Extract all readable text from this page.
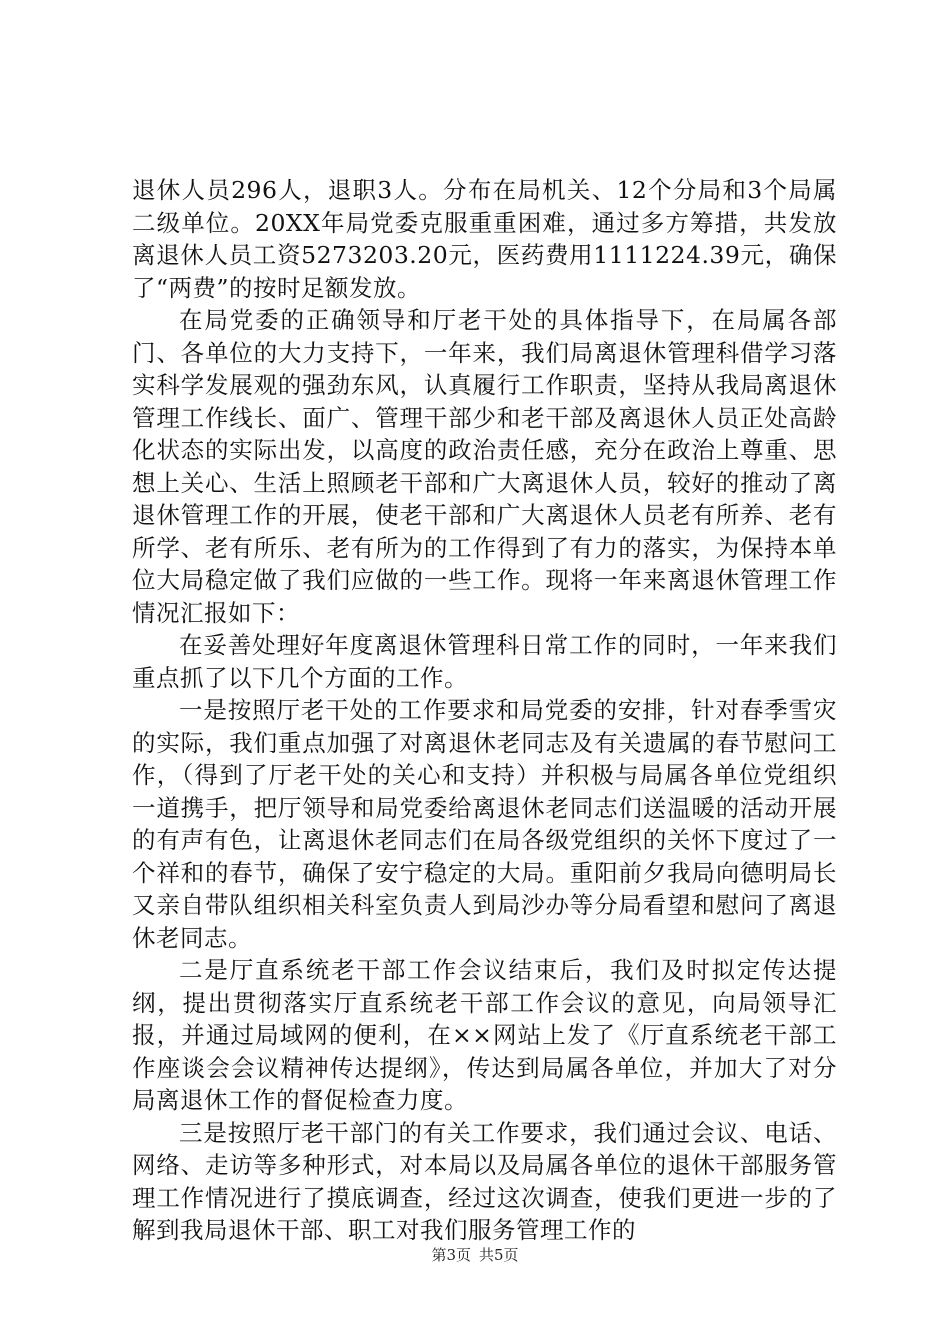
退休人员296人，退职3人。分布在局机关、12个分局和3个局属二级单位。20XX年局党委克服重重困难，通过多方筹措，共发放离退休人员工资5273203.20元，医药费用1111224.39元，确保了“两费”的按时足额发放。

在局党委的正确领导和厅老干处的具体指导下，在局属各部门、各单位的大力支持下，一年来，我们局离退休管理科借学习落实科学发展观的强劲东风，认真履行工作职责，坚持从我局离退休管理工作线长、面广、管理干部少和老干部及离退休人员正处高龄化状态的实际出发，以高度的政治责任感，充分在政治上尊重、思想上关心、生活上照顾老干部和广大离退休人员，较好的推动了离退休管理工作的开展，使老干部和广大离退休人员老有所养、老有所学、老有所乐、老有所为的工作得到了有力的落实，为保持本单位大局稳定做了我们应做的一些工作。现将一年来离退休管理工作情况汇报如下：

在妥善处理好年度离退休管理科日常工作的同时，一年来我们重点抓了以下几个方面的工作。

一是按照厅老干处的工作要求和局党委的安排，针对春季雪灾的实际，我们重点加强了对离退休老同志及有关遗属的春节慰问工作，（得到了厅老干处的关心和支持）并积极与局属各单位党组织一道携手，把厅领导和局党委给离退休老同志们送温暖的活动开展的有声有色，让离退休老同志们在局各级党组织的关怀下度过了一个祥和的春节，确保了安宁稳定的大局。重阳前夕我局向德明局长又亲自带队组织相关科室负责人到局沙办等分局看望和慰问了离退休老同志。

二是厅直系统老干部工作会议结束后，我们及时拟定传达提纲，提出贯彻落实厅直系统老干部工作会议的意见，向局领导汇报，并通过局域网的便利，在××网站上发了《厅直系统老干部工作座谈会会议精神传达提纲》，传达到局属各单位，并加大了对分局离退休工作的督促检查力度。

三是按照厅老干部门的有关工作要求，我们通过会议、电话、网络、走访等多种形式，对本局以及局属各单位的退休干部服务管理工作情况进行了摸底调查，经过这次调查，使我们更进一步的了解到我局退休干部、职工对我们服务管理工作的

第3页 共5页
